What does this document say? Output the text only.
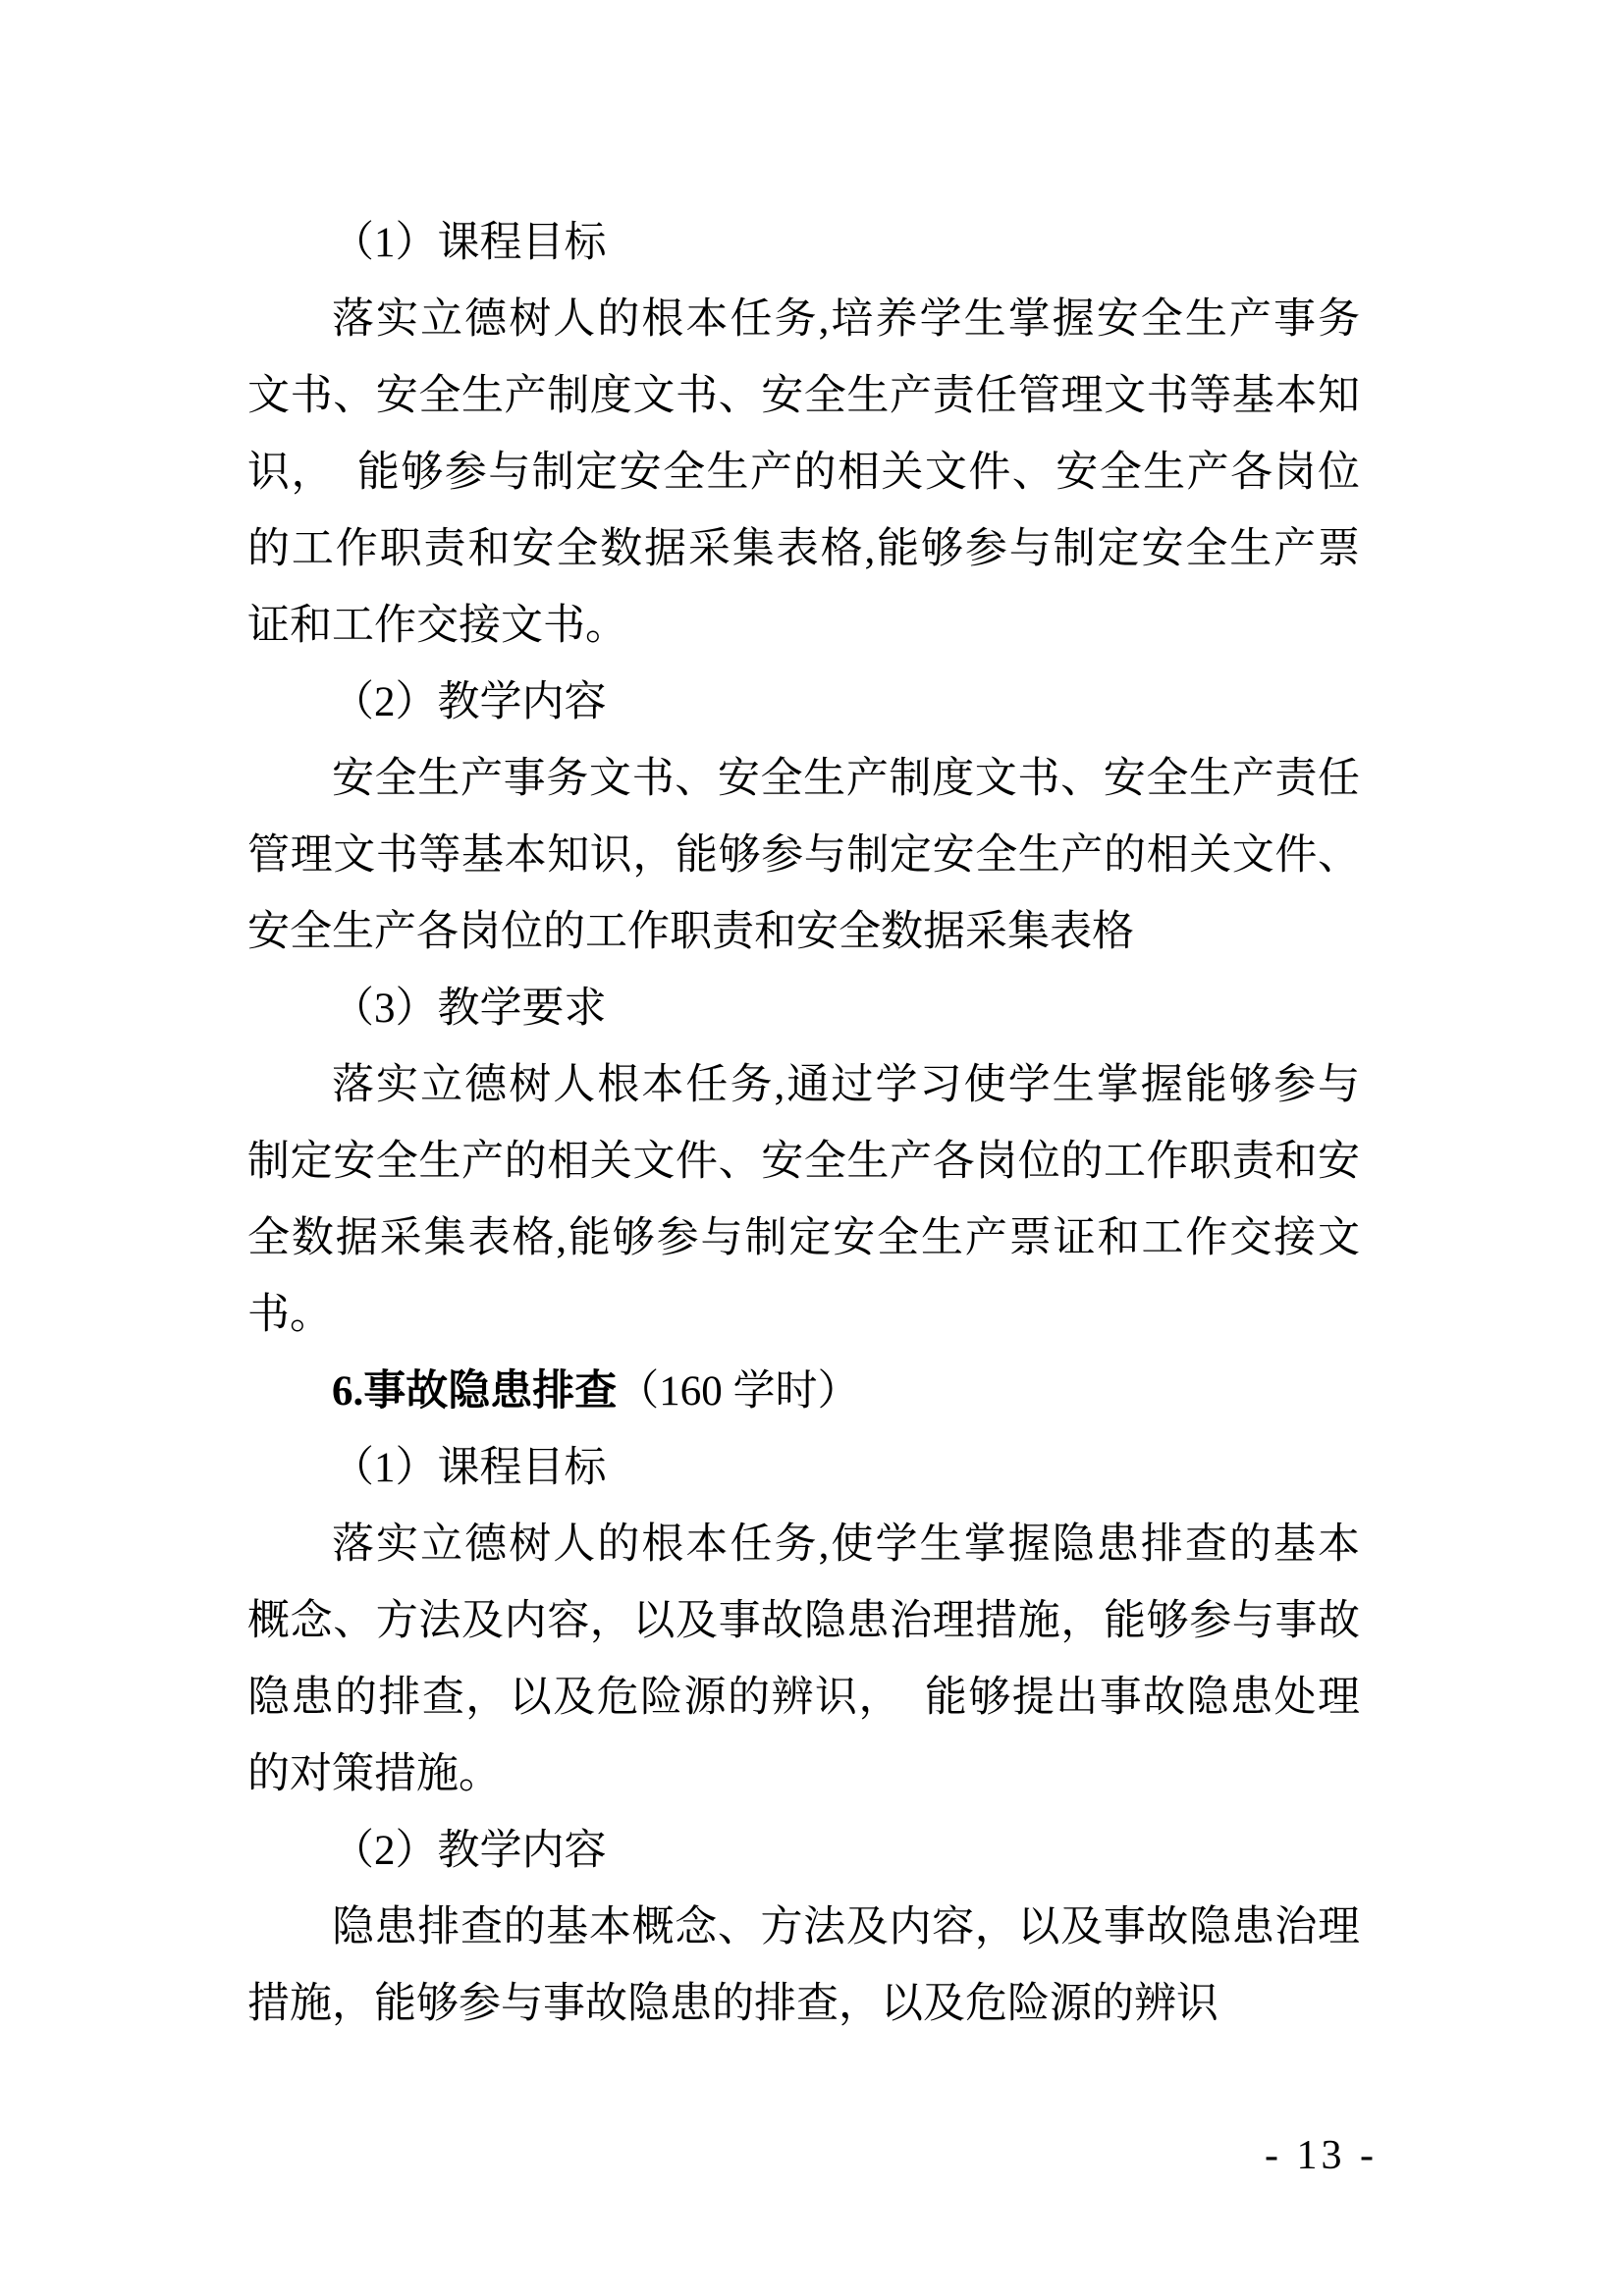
（1）课程目标
落实立德树人的根本任务,培养学生掌握安全生产事务
文书、安全生产制度文书、安全生产责任管理文书等基本知
识，　能够参与制定安全生产的相关文件、安全生产各岗位
的工作职责和安全数据采集表格,能够参与制定安全生产票
证和工作交接文书。
（2）教学内容
安全生产事务文书、安全生产制度文书、安全生产责任
管理文书等基本知识，能够参与制定安全生产的相关文件、
安全生产各岗位的工作职责和安全数据采集表格
（3）教学要求
落实立德树人根本任务,通过学习使学生掌握能够参与
制定安全生产的相关文件、安全生产各岗位的工作职责和安
全数据采集表格,能够参与制定安全生产票证和工作交接文
书。
6.事故隐患排查（160 学时）
（1）课程目标
落实立德树人的根本任务,使学生掌握隐患排查的基本
概念、方法及内容，以及事故隐患治理措施，能够参与事故
隐患的排查，以及危险源的辨识，　能够提出事故隐患处理
的对策措施。
（2）教学内容
隐患排查的基本概念、方法及内容，以及事故隐患治理
措施，能够参与事故隐患的排查，以及危险源的辨识
- 13 -
